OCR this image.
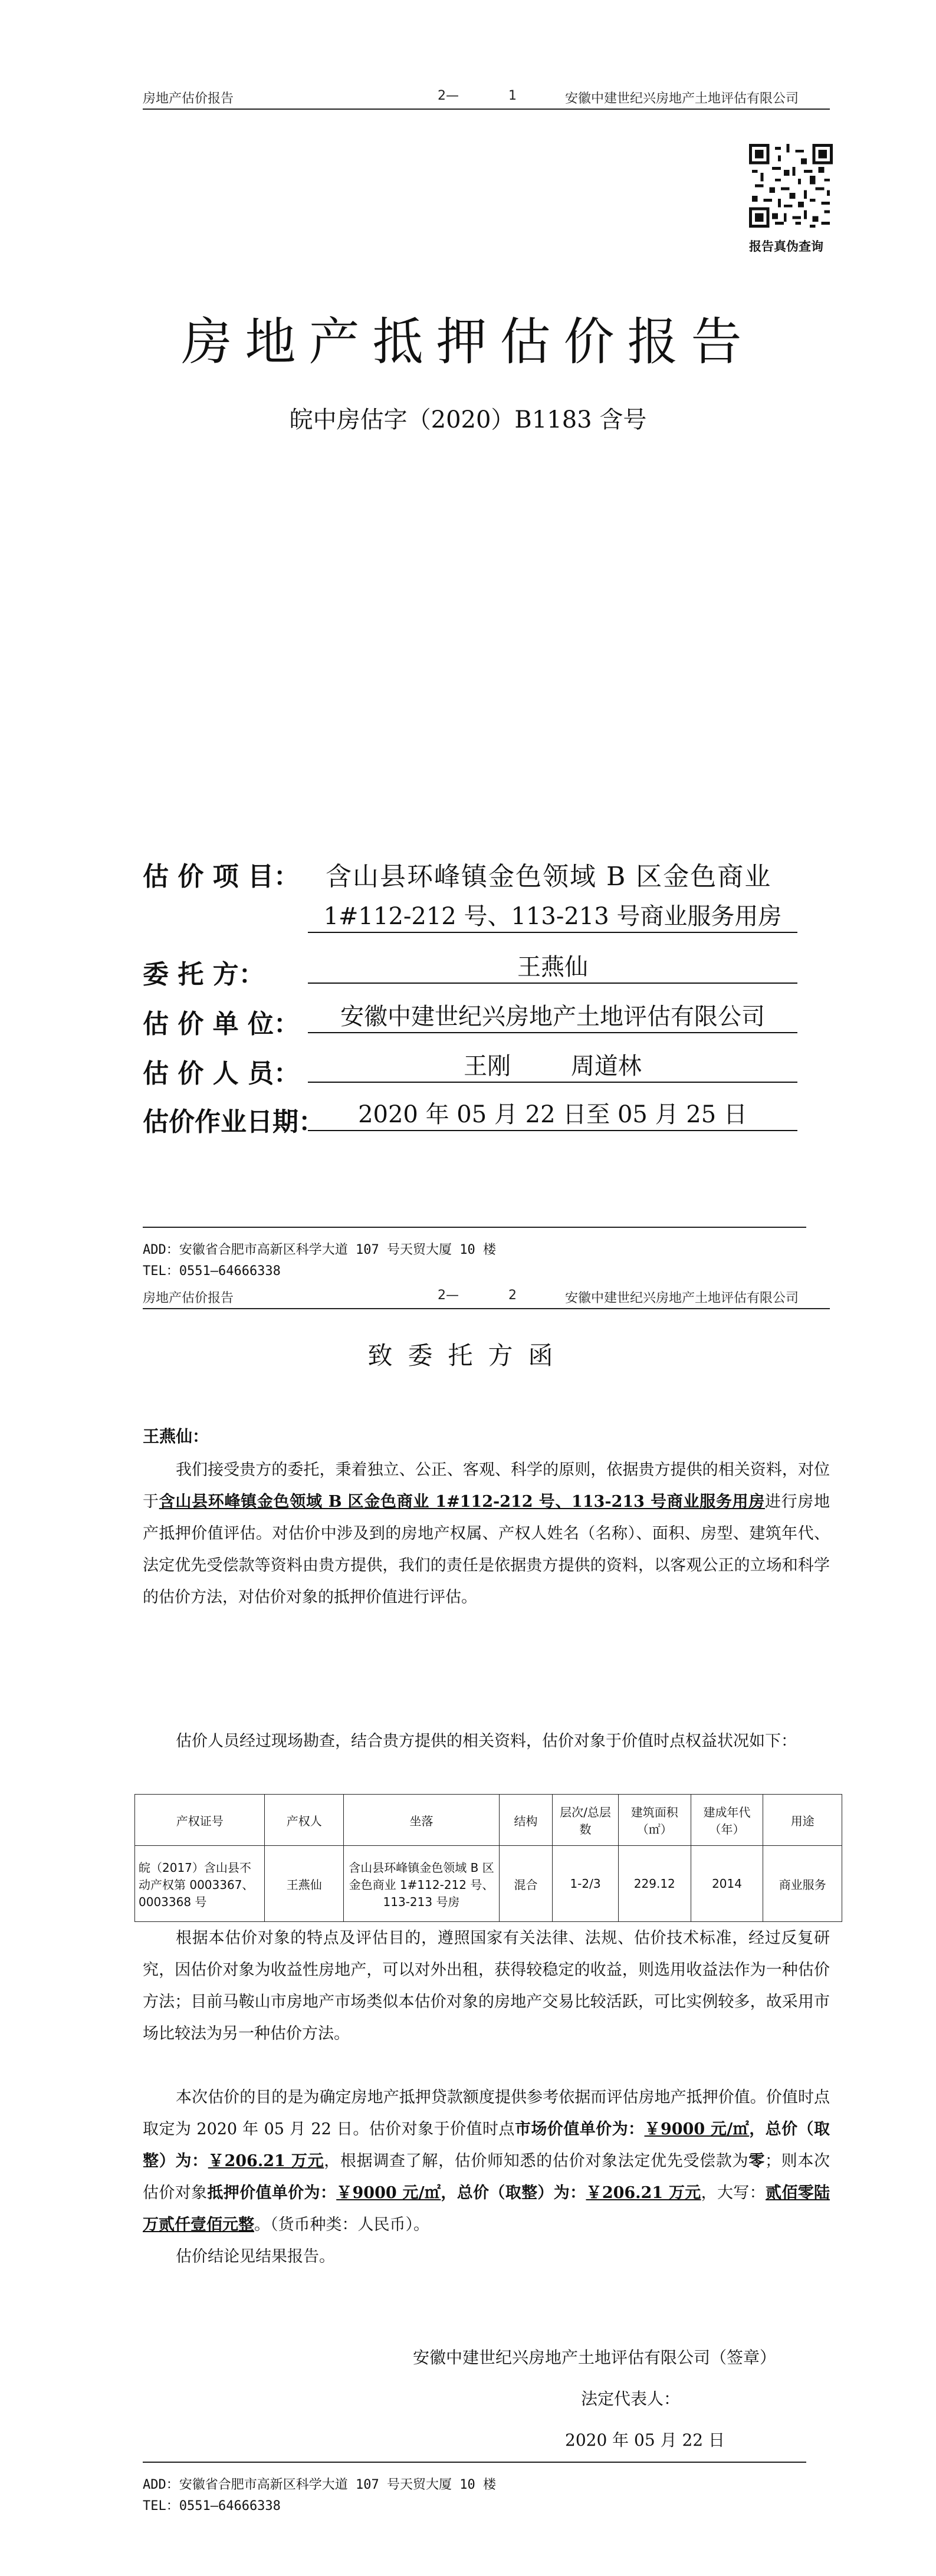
房地产估价报告	2—	1	安徽中建世纪兴房地产土地评估有限公司
报告真伪查询
房地产抵押估价报告
皖中房估字（2020）B1183 含号
估 价 项 目： 含山县环峰镇金色领域 B 区金色商业
1#112-212 号、113-213 号商业服务用房
委 托 方：	王燕仙
估 价 单 位：	安徽中建世纪兴房地产土地评估有限公司
估 价 人 员：	王刚        周道林
估价作业日期：	2020 年 05 月 22 日至 05 月 25 日
ADD：安徽省合肥市高新区科学大道 107 号天贸大厦 10 楼
TEL：0551—64666338
房地产估价报告	2—	2	安徽中建世纪兴房地产土地评估有限公司
致委托方函
王燕仙：
我们接受贵方的委托，秉着独立、公正、客观、科学的原则，依据贵方提供的相关资料，对位于含山县环峰镇金色领域 B 区金色商业 1#112-212 号、113-213 号商业服务用房进行房地产抵押价值评估。对估价中涉及到的房地产权属、产权人姓名（名称）、面积、房型、建筑年代、法定优先受偿款等资料由贵方提供，我们的责任是依据贵方提供的资料，以客观公正的立场和科学的估价方法，对估价对象的抵押价值进行评估。
估价人员经过现场勘查，结合贵方提供的相关资料，估价对象于价值时点权益状况如下：
产权证号	产权人	坐落	结构	层次/总层数	建筑面积（㎡）	建成年代（年）	用途
皖（2017）含山县不动产权第 0003367、0003368 号	王燕仙	含山县环峰镇金色领域 B 区金色商业 1#112-212 号、113-213 号房	混合	1-2/3	229.12	2014	商业服务
根据本估价对象的特点及评估目的，遵照国家有关法律、法规、估价技术标准，经过反复研究，因估价对象为收益性房地产，可以对外出租，获得较稳定的收益，则选用收益法作为一种估价方法；目前马鞍山市房地产市场类似本估价对象的房地产交易比较活跃，可比实例较多，故采用市场比较法为另一种估价方法。
本次估价的目的是为确定房地产抵押贷款额度提供参考依据而评估房地产抵押价值。价值时点取定为 2020 年 05 月 22 日。估价对象于价值时点市场价值单价为：￥9000 元/㎡，总价（取整）为：￥206.21 万元，根据调查了解，估价师知悉的估价对象法定优先受偿款为零；则本次估价对象抵押价值单价为：￥9000 元/㎡，总价（取整）为：￥206.21 万元，大写：贰佰零陆万贰仟壹佰元整。（货币种类：人民币）。
估价结论见结果报告。
安徽中建世纪兴房地产土地评估有限公司（签章）
法定代表人：
2020 年 05 月 22 日
ADD：安徽省合肥市高新区科学大道 107 号天贸大厦 10 楼
TEL：0551—64666338
